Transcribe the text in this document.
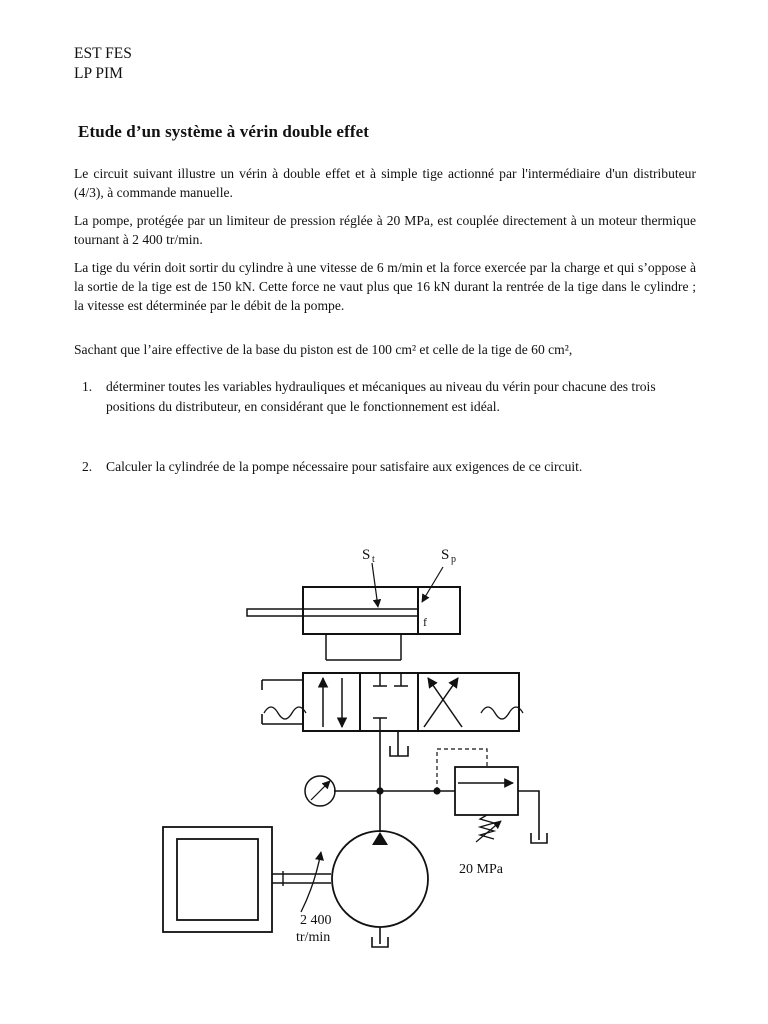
EST FES
LP PIM
Etude d’un système à vérin double effet
Le circuit suivant illustre un vérin à double effet et à simple tige actionné par l'intermédiaire d'un distributeur (4/3), à commande manuelle.
La pompe, protégée par un limiteur de pression réglée à 20 MPa, est couplée directement à un moteur thermique tournant à 2 400 tr/min.
La tige du vérin doit sortir du cylindre à une vitesse de 6 m/min et la force exercée par la charge et qui s’oppose à la sortie de la tige est de 150 kN. Cette force ne vaut plus que 16 kN durant la rentrée de la tige dans le cylindre ; la vitesse est déterminée par le débit de la pompe.
Sachant que l’aire effective de la base du piston est de 100 cm² et celle de la tige de 60 cm²,
1. déterminer toutes les variables hydrauliques et mécaniques au niveau du vérin pour chacune des trois positions du distributeur, en considérant que le fonctionnement est idéal.
2. Calculer la cylindrée de la pompe nécessaire pour satisfaire aux exigences de ce circuit.
S t	S p
f
20 MPa
2 400
tr/min
